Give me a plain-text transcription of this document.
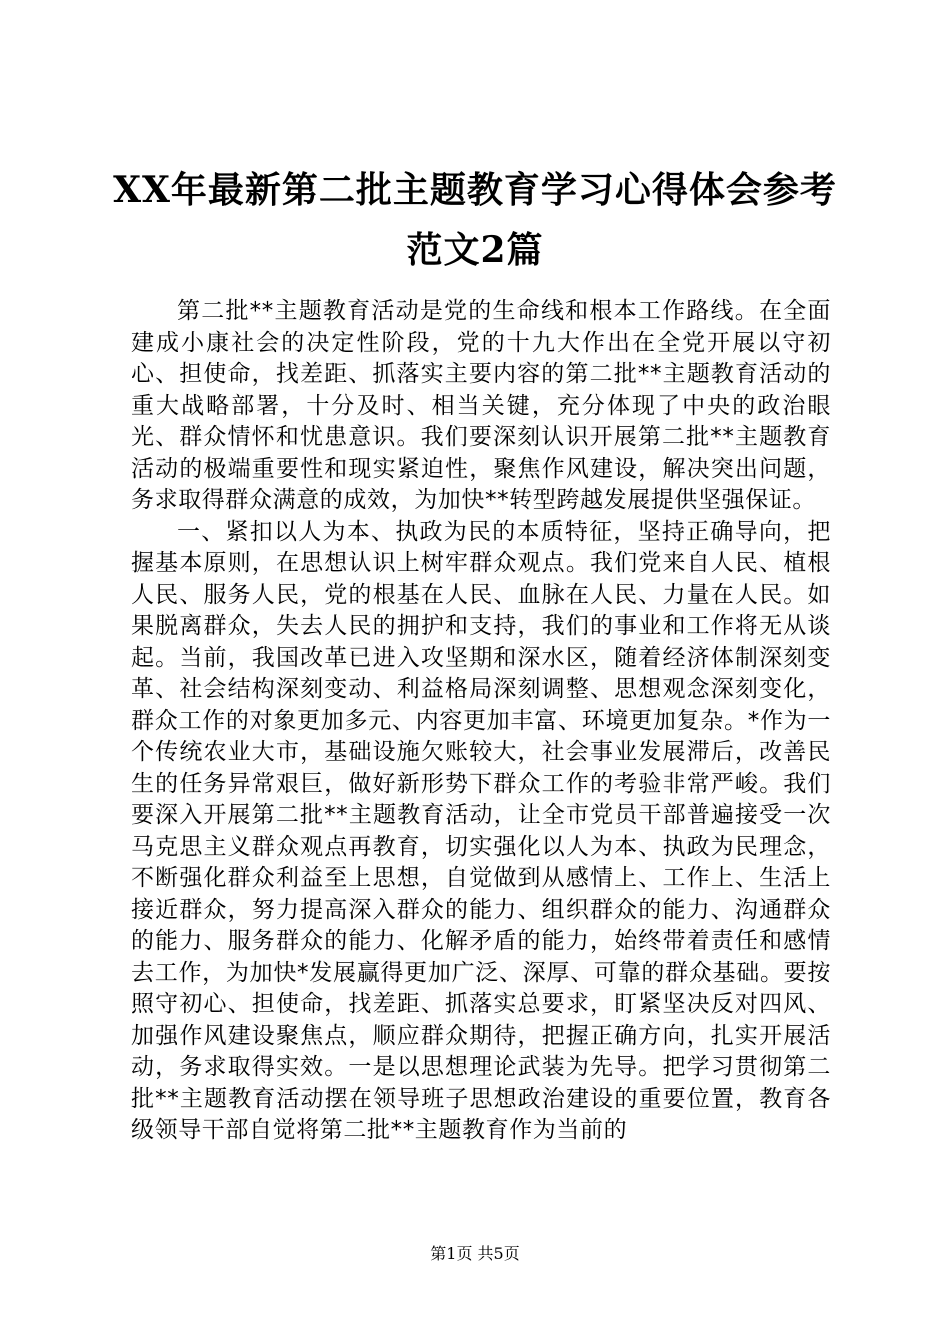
XX年最新第二批主题教育学习心得体会参考
范文2篇

第二批**主题教育活动是党的生命线和根本工作路线。在全面建成小康社会的决定性阶段，党的十九大作出在全党开展以守初心、担使命，找差距、抓落实主要内容的第二批**主题教育活动的重大战略部署，十分及时、相当关键，充分体现了中央的政治眼光、群众情怀和忧患意识。我们要深刻认识开展第二批**主题教育活动的极端重要性和现实紧迫性，聚焦作风建设，解决突出问题，务求取得群众满意的成效，为加快**转型跨越发展提供坚强保证。

一、紧扣以人为本、执政为民的本质特征，坚持正确导向，把握基本原则，在思想认识上树牢群众观点。我们党来自人民、植根人民、服务人民，党的根基在人民、血脉在人民、力量在人民。如果脱离群众，失去人民的拥护和支持，我们的事业和工作将无从谈起。当前，我国改革已进入攻坚期和深水区，随着经济体制深刻变革、社会结构深刻变动、利益格局深刻调整、思想观念深刻变化，群众工作的对象更加多元、内容更加丰富、环境更加复杂。*作为一个传统农业大市，基础设施欠账较大，社会事业发展滞后，改善民生的任务异常艰巨，做好新形势下群众工作的考验非常严峻。我们要深入开展第二批**主题教育活动，让全市党员干部普遍接受一次马克思主义群众观点再教育，切实强化以人为本、执政为民理念，不断强化群众利益至上思想，自觉做到从感情上、工作上、生活上接近群众，努力提高深入群众的能力、组织群众的能力、沟通群众的能力、服务群众的能力、化解矛盾的能力，始终带着责任和感情去工作，为加快*发展赢得更加广泛、深厚、可靠的群众基础。要按照守初心、担使命，找差距、抓落实总要求，盯紧坚决反对四风、加强作风建设聚焦点，顺应群众期待，把握正确方向，扎实开展活动，务求取得实效。一是以思想理论武装为先导。把学习贯彻第二批**主题教育活动摆在领导班子思想政治建设的重要位置，教育各级领导干部自觉将第二批**主题教育作为当前的

第1页 共5页
